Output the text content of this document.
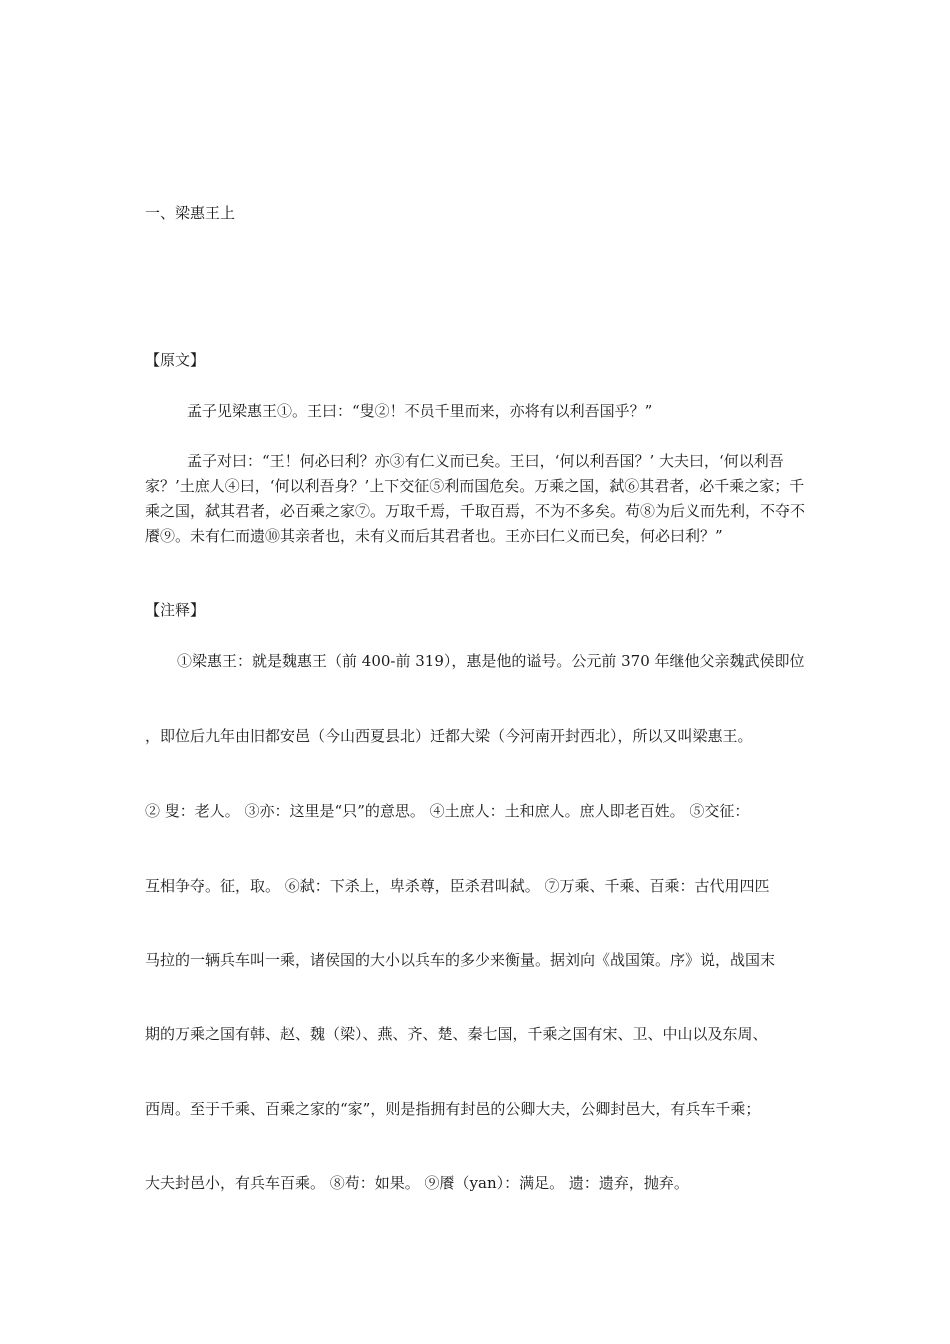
一、梁惠王上

【原文】

孟子见梁惠王①。王曰：“叟②！不员千里而来，亦将有以利吾国乎？”

孟子对曰：“王！何必曰利？亦③有仁义而已矣。王曰，‘何以利吾国？’ 大夫曰，‘何以利吾家？’土庶人④曰，‘何以利吾身？’上下交征⑤利而国危矣。万乘之国，弑⑥其君者，必千乘之家；千乘之国，弑其君者，必百乘之家⑦。万取千焉，千取百焉，不为不多矣。苟⑧为后义而先利，不夺不餍⑨。未有仁而遗⑩其亲者也，未有义而后其君者也。王亦曰仁义而已矣，何必曰利？”

【注释】

①梁惠王：就是魏惠王（前 400-前 319），惠是他的谥号。公元前 370 年继他父亲魏武侯即位

，即位后九年由旧都安邑（今山西夏县北）迁都大梁（今河南开封西北），所以又叫梁惠王。

② 叟：老人。 ③亦：这里是“只”的意思。 ④土庶人：土和庶人。庶人即老百姓。 ⑤交征：

互相争夺。征，取。 ⑥弑：下杀上，卑杀尊，臣杀君叫弑。 ⑦万乘、千乘、百乘：古代用四匹

马拉的一辆兵车叫一乘，诸侯国的大小以兵车的多少来衡量。据刘向《战国策。序》说，战国末

期的万乘之国有韩、赵、魏（梁）、燕、齐、楚、秦七国，千乘之国有宋、卫、中山以及东周、

西周。至于千乘、百乘之家的“家”，则是指拥有封邑的公卿大夫，公卿封邑大，有兵车千乘；

大夫封邑小，有兵车百乘。 ⑧苟：如果。 ⑨餍（yan）：满足。 遗：遗弃，抛弃。
